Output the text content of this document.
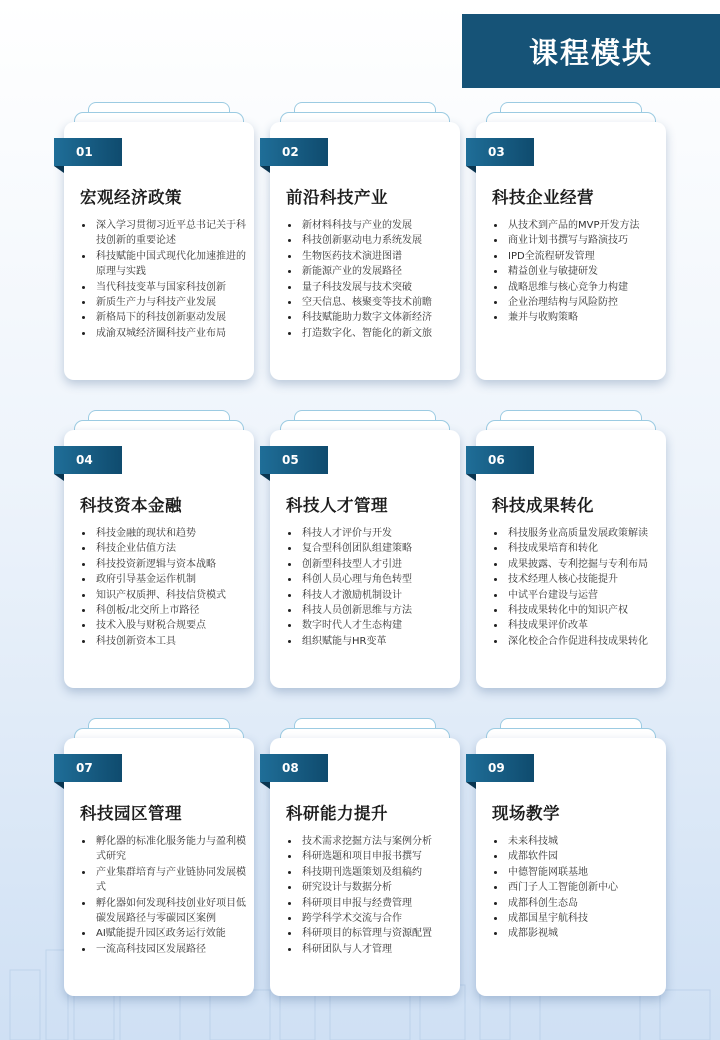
课程模块
01
宏观经济政策
深入学习贯彻习近平总书记关于科技创新的重要论述
科技赋能中国式现代化加速推进的原理与实践
当代科技变革与国家科技创新
新质生产力与科技产业发展
新格局下的科技创新驱动发展
成渝双城经济圈科技产业布局
02
前沿科技产业
新材料科技与产业的发展
科技创新驱动电力系统发展
生物医药技术演进图谱
新能源产业的发展路径
量子科技发展与技术突破
空天信息、核聚变等技术前瞻
科技赋能助力数字文体新经济
打造数字化、智能化的新文旅
03
科技企业经营
从技术到产品的MVP开发方法
商业计划书撰写与路演技巧
IPD全流程研发管理
精益创业与敏捷研发
战略思维与核心竞争力构建
企业治理结构与风险防控
兼并与收购策略
04
科技资本金融
科技金融的现状和趋势
科技企业估值方法
科技投资新逻辑与资本战略
政府引导基金运作机制
知识产权质押、科技信贷模式
科创板/北交所上市路径
技术入股与财税合规要点
科技创新资本工具
05
科技人才管理
科技人才评价与开发
复合型科创团队组建策略
创新型科技型人才引进
科创人员心理与角色转型
科技人才激励机制设计
科技人员创新思维与方法
数字时代人才生态构建
组织赋能与HR变革
06
科技成果转化
科技服务业高质量发展政策解读
科技成果培育和转化
成果披露、专利挖掘与专利布局
技术经理人核心技能提升
中试平台建设与运营
科技成果转化中的知识产权
科技成果评价改革
深化校企合作促进科技成果转化
07
科技园区管理
孵化器的标准化服务能力与盈利模式研究
产业集群培育与产业链协同发展模式
孵化器如何发现科技创业好项目低碳发展路径与零碳园区案例
AI赋能提升园区政务运行效能
一流高科技园区发展路径
08
科研能力提升
技术需求挖掘方法与案例分析
科研选题和项目申报书撰写
科技期刊选题策划及组稿约
研究设计与数据分析
科研项目申报与经费管理
跨学科学术交流与合作
科研项目的标管理与资源配置
科研团队与人才管理
09
现场教学
未来科技城
成都软件园
中德智能网联基地
西门子人工智能创新中心
成都科创生态岛
成都国星宇航科技
成都影视城
